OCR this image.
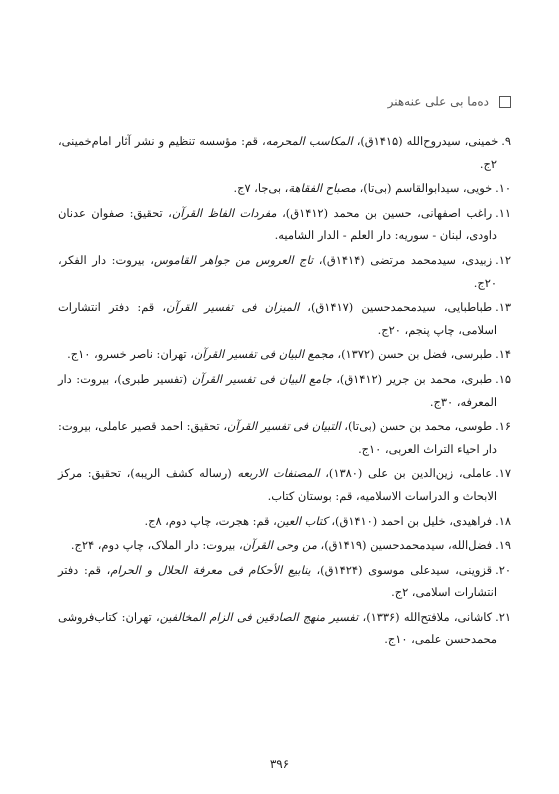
ده‌ما بی علی عنه‌هنر

۹.خمینی، سیدروح‌الله (۱۴۱۵ق)، المکاسب المحرمه، قم: مؤسسه تنظیم و نشر آثار امام‌خمینی، ۲ج.

۱۰.خویی، سیدابوالقاسم (بی‌تا)، مصباح الفقاهة، بی‌جا، ۷ج.

۱۱.راغب اصفهانی، حسین بن محمد (۱۴۱۲ق)، مفردات الفاظ القرآن، تحقیق: صفوان عدنان داودی، لبنان - سوریه: دار العلم - الدار الشامیه.

۱۲.زبیدی، سیدمحمد مرتضی (۱۴۱۴ق)، تاج العروس من جواهر القاموس، بیروت: دار الفکر، ۲۰ج.

۱۳.طباطبایی، سیدمحمدحسین (۱۴۱۷ق)، المیزان فی تفسیر القرآن، قم: دفتر انتشارات اسلامی، چاپ پنجم، ۲۰ج.

۱۴.طبرسی، فضل بن حسن (۱۳۷۲)، مجمع البیان فی تفسیر القرآن، تهران: ناصر خسرو، ۱۰ج.

۱۵.طبری، محمد بن جریر (۱۴۱۲ق)، جامع البیان فی تفسیر القرآن (تفسیر طبری)، بیروت: دار المعرفه، ۳۰ج.

۱۶.طوسی، محمد بن حسن (بی‌تا)، التبیان فی تفسیر القرآن، تحقیق: احمد قصیر عاملی، بیروت: دار احیاء التراث العربی، ۱۰ج.

۱۷.عاملی، زین‌الدین بن علی (۱۳۸۰)، المصنفات الاربعه (رساله کشف الریبه)، تحقیق: مرکز الابحاث و الدراسات الاسلامیه، قم: بوستان کتاب.

۱۸.فراهیدی، خلیل بن احمد (۱۴۱۰ق)، کتاب العین، قم: هجرت، چاپ دوم، ۸ج.

۱۹.فضل‌الله، سیدمحمدحسین (۱۴۱۹ق)، من وحی القرآن، بیروت: دار الملاک، چاپ دوم، ۲۴ج.

۲۰.قزوینی، سیدعلی موسوی (۱۴۲۴ق)، ینابیع الأحکام فی معرفة الحلال و الحرام، قم: دفتر انتشارات اسلامی، ۲ج.

۲۱.کاشانی، ملافتح‌الله (۱۳۳۶)، تفسیر منهج الصادقین فی الزام المخالفین، تهران: کتاب‌فروشی محمدحسن علمی، ۱۰ج.

۳۹۶
